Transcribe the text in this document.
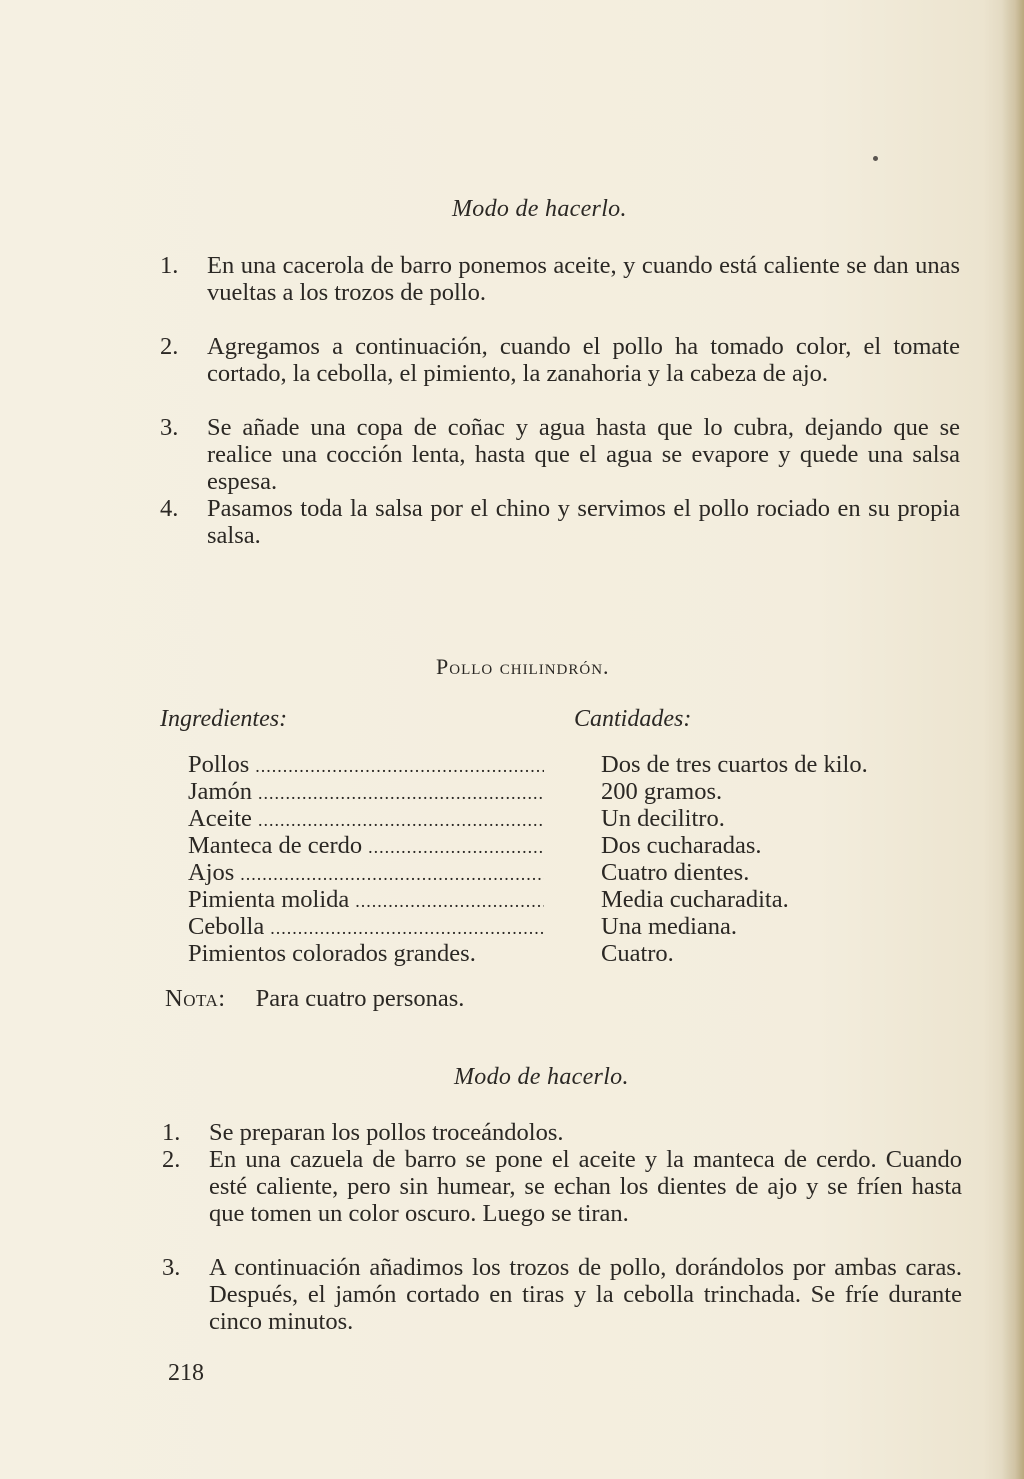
Modo de hacerlo.
1.	En una cacerola de barro ponemos aceite, y cuando está caliente se dan unas vueltas a los trozos de pollo.
2.	Agregamos a continuación, cuando el pollo ha tomado color, el tomate cortado, la cebolla, el pimiento, la zanahoria y la cabeza de ajo.
3.	Se añade una copa de coñac y agua hasta que lo cubra, dejando que se realice una cocción lenta, hasta que el agua se evapore y quede una salsa espesa.
4.	Pasamos toda la salsa por el chino y servimos el pollo rociado en su propia salsa.
Pollo chilindrón.
Ingredientes:	Cantidades:
Pollos .....	Dos de tres cuartos de kilo.
Jamón .....	200 gramos.
Aceite .....	Un decilitro.
Manteca de cerdo .....	Dos cucharadas.
Ajos .....	Cuatro dientes.
Pimienta molida .....	Media cucharadita.
Cebolla .....	Una mediana.
Pimientos colorados grandes.	Cuatro.
Nota: Para cuatro personas.
Modo de hacerlo.
1.	Se preparan los pollos troceándolos.
2.	En una cazuela de barro se pone el aceite y la manteca de cerdo. Cuando esté caliente, pero sin humear, se echan los dientes de ajo y se fríen hasta que tomen un color oscuro. Luego se tiran.
3.	A continuación añadimos los trozos de pollo, dorándolos por ambas caras. Después, el jamón cortado en tiras y la cebolla trinchada. Se fríe durante cinco minutos.
218
